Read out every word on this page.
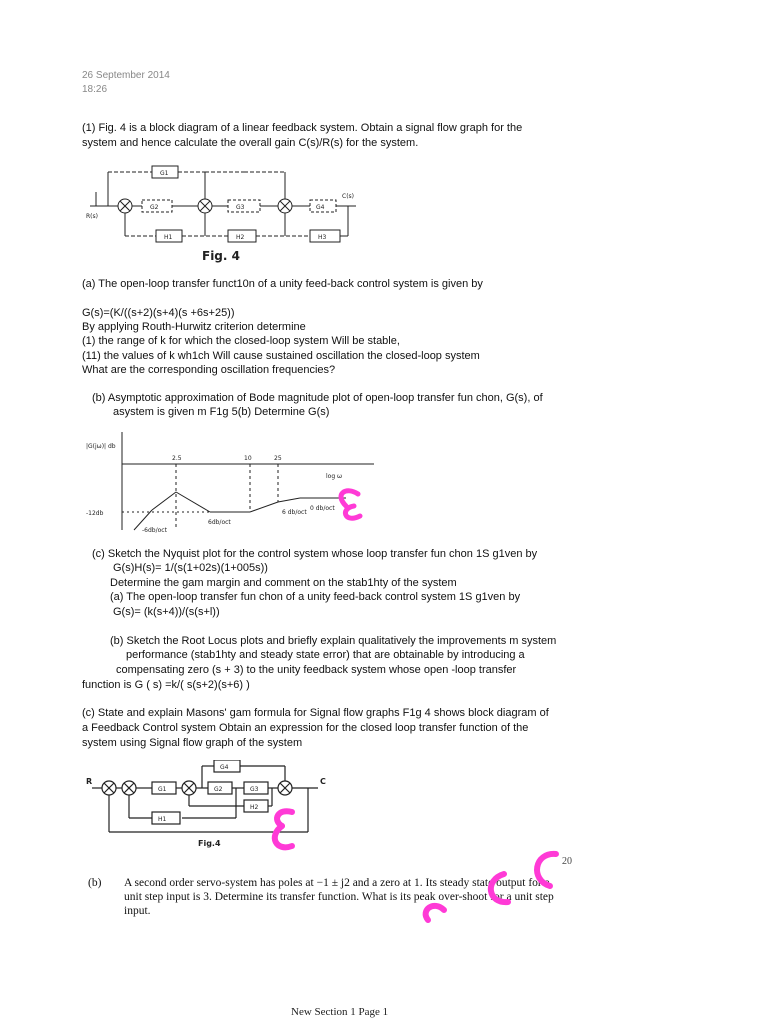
26 September 2014
18:26
(1) Fig. 4 is a block diagram of a linear feedback system. Obtain a signal flow graph for the
system and hence calculate the overall gain C(s)/R(s) for the system.
R(s)
C(s)
G1
G2	G3	G4
H1	H2	H3
Fig. 4
(a) The open-loop transfer funct10n of a unity feed-back control system is given by
G(s)=(K/((s+2)(s+4)(s +6s+25))
By applying Routh-Hurwitz criterion determine
(1) the range of k for which the closed-loop system Will be stable,
(11) the values of k wh1ch Will cause sustained oscillation the closed-loop system
What are the corresponding oscillation frequencies?
(b) Asymptotic approximation of Bode magnitude plot of open-loop transfer fun chon, G(s), of
asystem is given m F1g 5(b) Determine G(s)
|G(jω)| db
2.5	10	25
log ω
-12db
-6db/oct
6db/oct
6 db/oct
0 db/oct
(c) Sketch the Nyquist plot for the control system whose loop transfer fun chon 1S g1ven by
G(s)H(s)= 1/(s(1+02s)(1+005s))
Determine the gam margin and comment on the stab1hty of the system
(a) The open-loop transfer fun chon of a unity feed-back control system 1S g1ven by
G(s)= (k(s+4))/(s(s+l))
(b) Sketch the Root Locus plots and briefly explain qualitatively the improvements m system
performance (stab1hty and steady state error) that are obtainable by introducing a
compensating zero (s + 3) to the unity feedback system whose open -loop transfer
function is G ( s) =k/( s(s+2)(s+6) )
(c) State and explain Masons' gam formula for Signal flow graphs F1g 4 shows block diagram of
a Feedback Control system Obtain an expression for the closed loop transfer function of the
system using Signal flow graph of the system
R	C
G1	G2	G3
G4
H1
H2
Fig.4
20
(b) A second order servo-system has poles at −1 ± j2 and a zero at 1. Its steady state output for a
unit step input is 3. Determine its transfer function. What is its peak over-shoot for a unit step
input.
New Section 1 Page 1
